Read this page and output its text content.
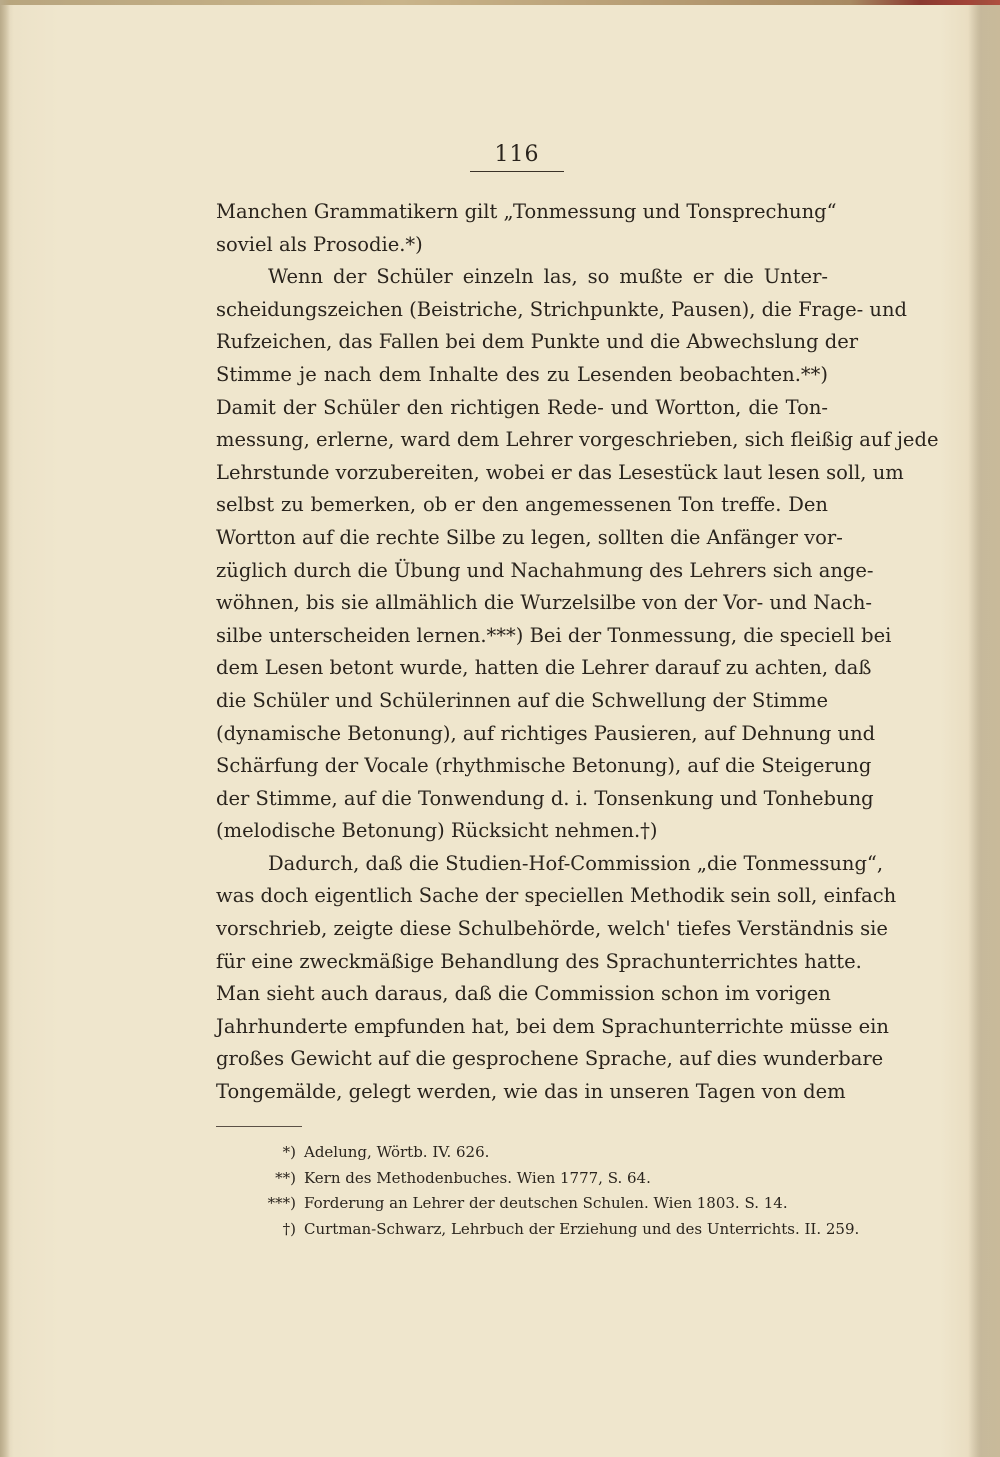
116
Manchen Grammatikern gilt „Tonmessung und Tonsprechung“
soviel als Prosodie.*)
Wenn der Schüler einzeln las, so mußte er die Unter-
scheidungszeichen (Beistriche, Strichpunkte, Pausen), die Frage- und
Rufzeichen, das Fallen bei dem Punkte und die Abwechslung der
Stimme je nach dem Inhalte des zu Lesenden beobachten.**)
Damit der Schüler den richtigen Rede- und Wortton, die Ton-
messung, erlerne, ward dem Lehrer vorgeschrieben, sich fleißig auf jede
Lehrstunde vorzubereiten, wobei er das Lesestück laut lesen soll, um
selbst zu bemerken, ob er den angemessenen Ton treffe. Den
Wortton auf die rechte Silbe zu legen, sollten die Anfänger vor-
züglich durch die Übung und Nachahmung des Lehrers sich ange-
wöhnen, bis sie allmählich die Wurzelsilbe von der Vor- und Nach-
silbe unterscheiden lernen.***) Bei der Tonmessung, die speciell bei
dem Lesen betont wurde, hatten die Lehrer darauf zu achten, daß
die Schüler und Schülerinnen auf die Schwellung der Stimme
(dynamische Betonung), auf richtiges Pausieren, auf Dehnung und
Schärfung der Vocale (rhythmische Betonung), auf die Steigerung
der Stimme, auf die Tonwendung d. i. Tonsenkung und Tonhebung
(melodische Betonung) Rücksicht nehmen.†)
Dadurch, daß die Studien-Hof-Commission „die Tonmessung“,
was doch eigentlich Sache der speciellen Methodik sein soll, einfach
vorschrieb, zeigte diese Schulbehörde, welch' tiefes Verständnis sie
für eine zweckmäßige Behandlung des Sprachunterrichtes hatte.
Man sieht auch daraus, daß die Commission schon im vorigen
Jahrhunderte empfunden hat, bei dem Sprachunterrichte müsse ein
großes Gewicht auf die gesprochene Sprache, auf dies wunderbare
Tongemälde, gelegt werden, wie das in unseren Tagen von dem
*) Adelung, Wörtb. IV. 626.
**) Kern des Methodenbuches. Wien 1777, S. 64.
***) Forderung an Lehrer der deutschen Schulen. Wien 1803. S. 14.
†) Curtman-Schwarz, Lehrbuch der Erziehung und des Unterrichts. II. 259.
